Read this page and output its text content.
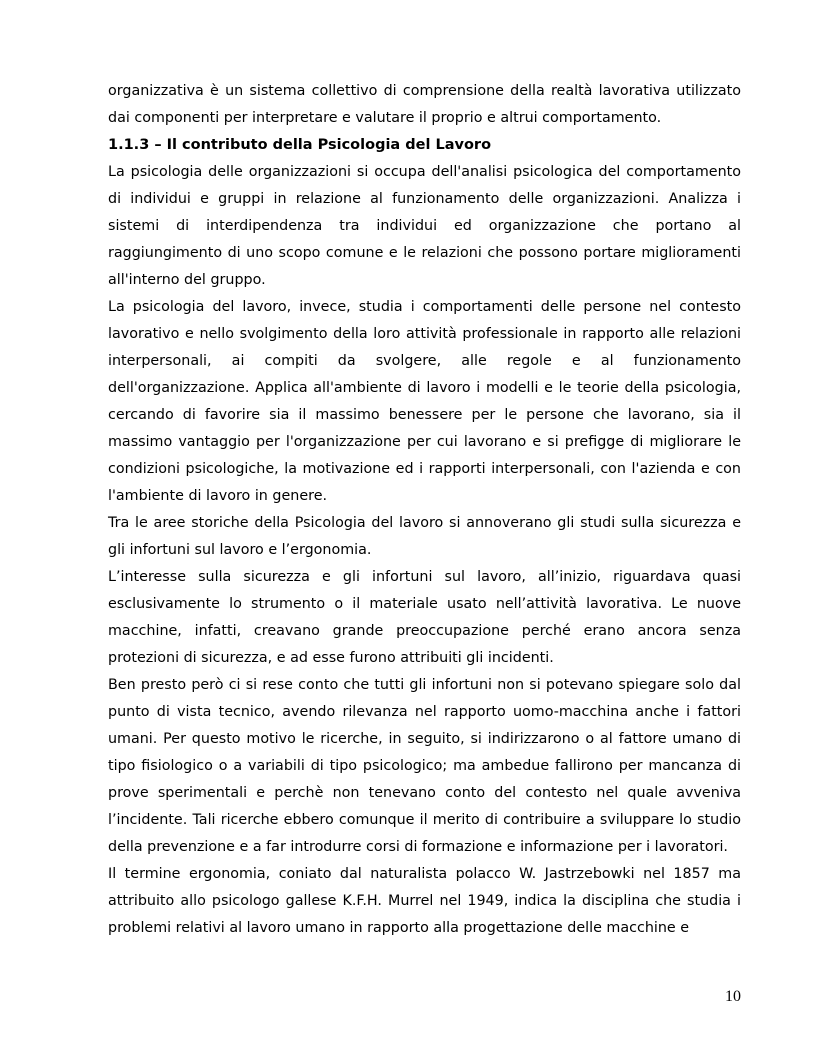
organizzativa è un sistema collettivo di comprensione della realtà lavorativa utilizzato dai componenti per interpretare e valutare il proprio e altrui comportamento.

1.1.3 – Il contributo della Psicologia del Lavoro

La psicologia delle organizzazioni si occupa dell'analisi psicologica del comportamento di individui e gruppi in relazione al funzionamento delle organizzazioni. Analizza i sistemi di interdipendenza tra individui ed organizzazione che portano al raggiungimento di uno scopo comune e le relazioni che possono portare miglioramenti all'interno del gruppo.

La psicologia del lavoro, invece, studia i comportamenti delle persone nel contesto lavorativo e nello svolgimento della loro attività professionale in rapporto alle relazioni interpersonali, ai compiti da svolgere, alle regole e al funzionamento dell'organizzazione. Applica all'ambiente di lavoro i modelli e le teorie della psicologia, cercando di favorire sia il massimo benessere per le persone che lavorano, sia il massimo vantaggio per l'organizzazione per cui lavorano e si prefigge di migliorare le condizioni psicologiche, la motivazione ed i rapporti interpersonali, con l'azienda e con l'ambiente di lavoro in genere.

Tra le aree storiche della Psicologia del lavoro si annoverano gli studi sulla sicurezza e gli infortuni sul lavoro e l’ergonomia.

L’interesse sulla sicurezza e gli infortuni sul lavoro, all’inizio, riguardava quasi esclusivamente lo strumento o il materiale usato nell’attività lavorativa. Le nuove macchine, infatti, creavano grande preoccupazione perché erano ancora senza protezioni di sicurezza, e ad esse furono attribuiti gli incidenti.

Ben presto però ci si rese conto che tutti gli infortuni non si potevano spiegare solo dal punto di vista tecnico, avendo rilevanza nel rapporto uomo-macchina anche i fattori umani. Per questo motivo le ricerche, in seguito, si indirizzarono o al fattore umano di tipo fisiologico o a variabili di tipo psicologico; ma ambedue fallirono per mancanza di prove sperimentali e perchè non tenevano conto del contesto nel quale avveniva l’incidente. Tali ricerche ebbero comunque il merito di contribuire a sviluppare lo studio della prevenzione e a far introdurre corsi di formazione e informazione per i lavoratori.

Il termine ergonomia, coniato dal naturalista polacco W. Jastrzebowki nel 1857 ma attribuito allo psicologo gallese K.F.H. Murrel nel 1949, indica la disciplina che studia i problemi relativi al lavoro umano in rapporto alla progettazione delle macchine e

10
